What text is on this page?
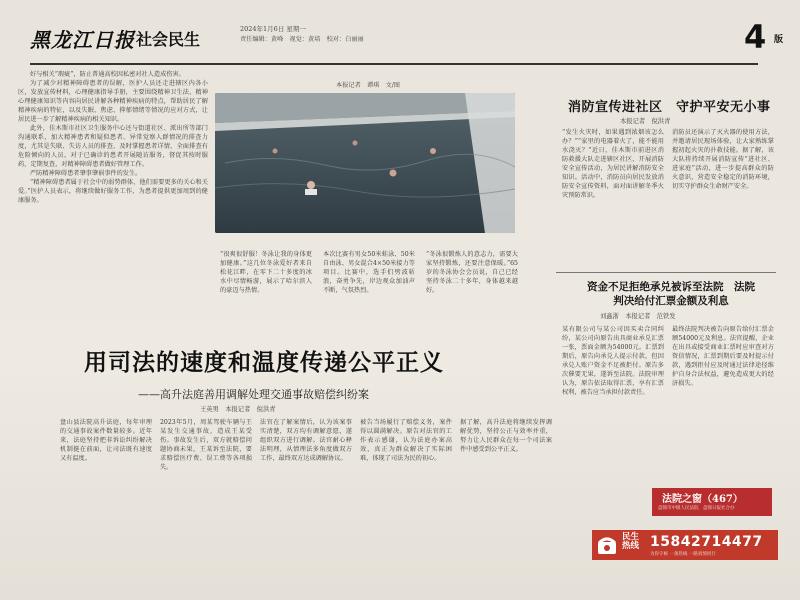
黑龙江日报 社会民生
2024年1月6日 星期一
责任编辑：黄峰　视觉：黄培　校对：白丽丽	4 版

好与相关“瑕疵”，防止普通高校因私密对社人造成伤害。

为了减少对精神障碍患者的误解，医护人员还走进辖区内各小区，发放宣传材料，心理健康指导手册，主要围绕精神卫生法、精神心理健康知识等内容向居民讲解各种精神疾病的特点，帮助居民了解精神疾病的特征，以及失眠、焦虑、抑郁情绪等情况的应对方式，让居民进一步了解精神疾病的相关知识。

此外，佳木斯市社区卫生服务中心还与街道社区、派出所等部门沟通联系，加大精神患者和疑似患者、异常觉察人群情况的排查力度，尤其是失联、失访人员的排查，及时掌握患者详情，全面排查有危险倾向的人员，对于已确诊的患者开展随访服务，督促其按时服药，定期复查，对精神障碍患者做好管理工作。

严防精神障碍患者肇事肇祸事件的发生。

“精神障碍患者属于社会中的弱势群体，他们需要更多的关心和关爱。”医护人员表示，将继续做好服务工作，为患者提供更加周到的健康服务。

本报记者　谭琪　文/图
“很爽很舒服！冬泳让我的身体更加健康。”这几位冬泳爱好者来自松花江畔，在零下二十多度的冰水中尽情畅游，展示了哈尔滨人的豪迈与热情。
本次比赛有男女50米蛙泳、50米自由泳、男女混合4×50米接力等项目。比赛中，选手们劈波斩浪，奋勇争先，岸边观众加油声不断，气氛热烈。
“冬泳很锻炼人的意志力，需要大家坚持锻炼，还要注意保暖。”65岁的冬泳协会会员说，自己已经坚持冬泳二十多年，身体越来越好。
消防宣传进社区　守护平安无小事
本报记者　倪洪青
“发生火灾时，如果遇到浓烟该怎么办？”“家里的电器着火了，能不能用水浇灭？”近日，佳木斯市前进区消防救援大队走进辖区社区，开展消防安全宣传活动，为居民讲解消防安全知识。活动中，消防员向居民发放消防安全宣传资料，面对面讲解冬季火灾预防常识。
消防员还演示了灭火器的使用方法，并邀请居民现场体验，让大家熟练掌握初起火灾的扑救技能。据了解，该大队将持续开展消防宣传“进社区、进家庭”活动，进一步提高群众的防火意识，营造安全稳定的消防环境，切实守护群众生命财产安全。
资金不足拒绝承兑被诉至法院　法院判决给付汇票金额及利息
刘鑫浙　本报记者　范铁发
某有限公司与某公司因买卖合同纠纷，某公司向原告出具商业承兑汇票一张，票面金额为54000元。汇票到期后，原告向承兑人提示付款，但因承兑人账户资金不足被拒付。原告多次催要无果，遂诉至法院。法院审理认为，原告依法取得汇票，享有汇票权利，被告应当承担付款责任。
最终法院判决被告向原告给付汇票金额54000元及利息。法官提醒，企业在出具或接受商业汇票时应审查对方资信情况，汇票到期后要及时提示付款，遇到拒付应及时通过法律途径维护自身合法权益，避免造成更大的经济损失。
用司法的速度和温度传递公平正义
——高升法庭善用调解处理交通事故赔偿纠纷案
王英男　本报记者　倪洪青
盘山县法院高升法庭，每年审理的交通事故案件数量较多。近年来，法庭坚持把非诉讼纠纷解决机制挺在前面，让司法既有速度又有温度。
2023年5月，周某驾驶车辆与王某发生交通事故，造成王某受伤。事故发生后，双方就赔偿问题协商未果，王某诉至法院，要求赔偿医疗费、误工费等各项损失。
法官在了解案情后，认为该案事实清楚，双方均有调解意愿，遂组织双方进行调解。法官耐心释法明理，从情理法多角度做双方工作，最终双方达成调解协议。
被告当场履行了赔偿义务，案件得以圆满解决。原告对法官的工作表示感谢，认为法庭办案高效，真正为群众解决了实际困难，体现了司法为民的初心。
据了解，高升法庭将继续发挥调解优势，坚持公正与效率并重，努力让人民群众在每一个司法案件中感受到公平正义。
法院之窗（467）
盘锦市中级人民法院　盘锦日报社合办
民生热线 15842714477
为你守候 一条热线 一路真情同行
